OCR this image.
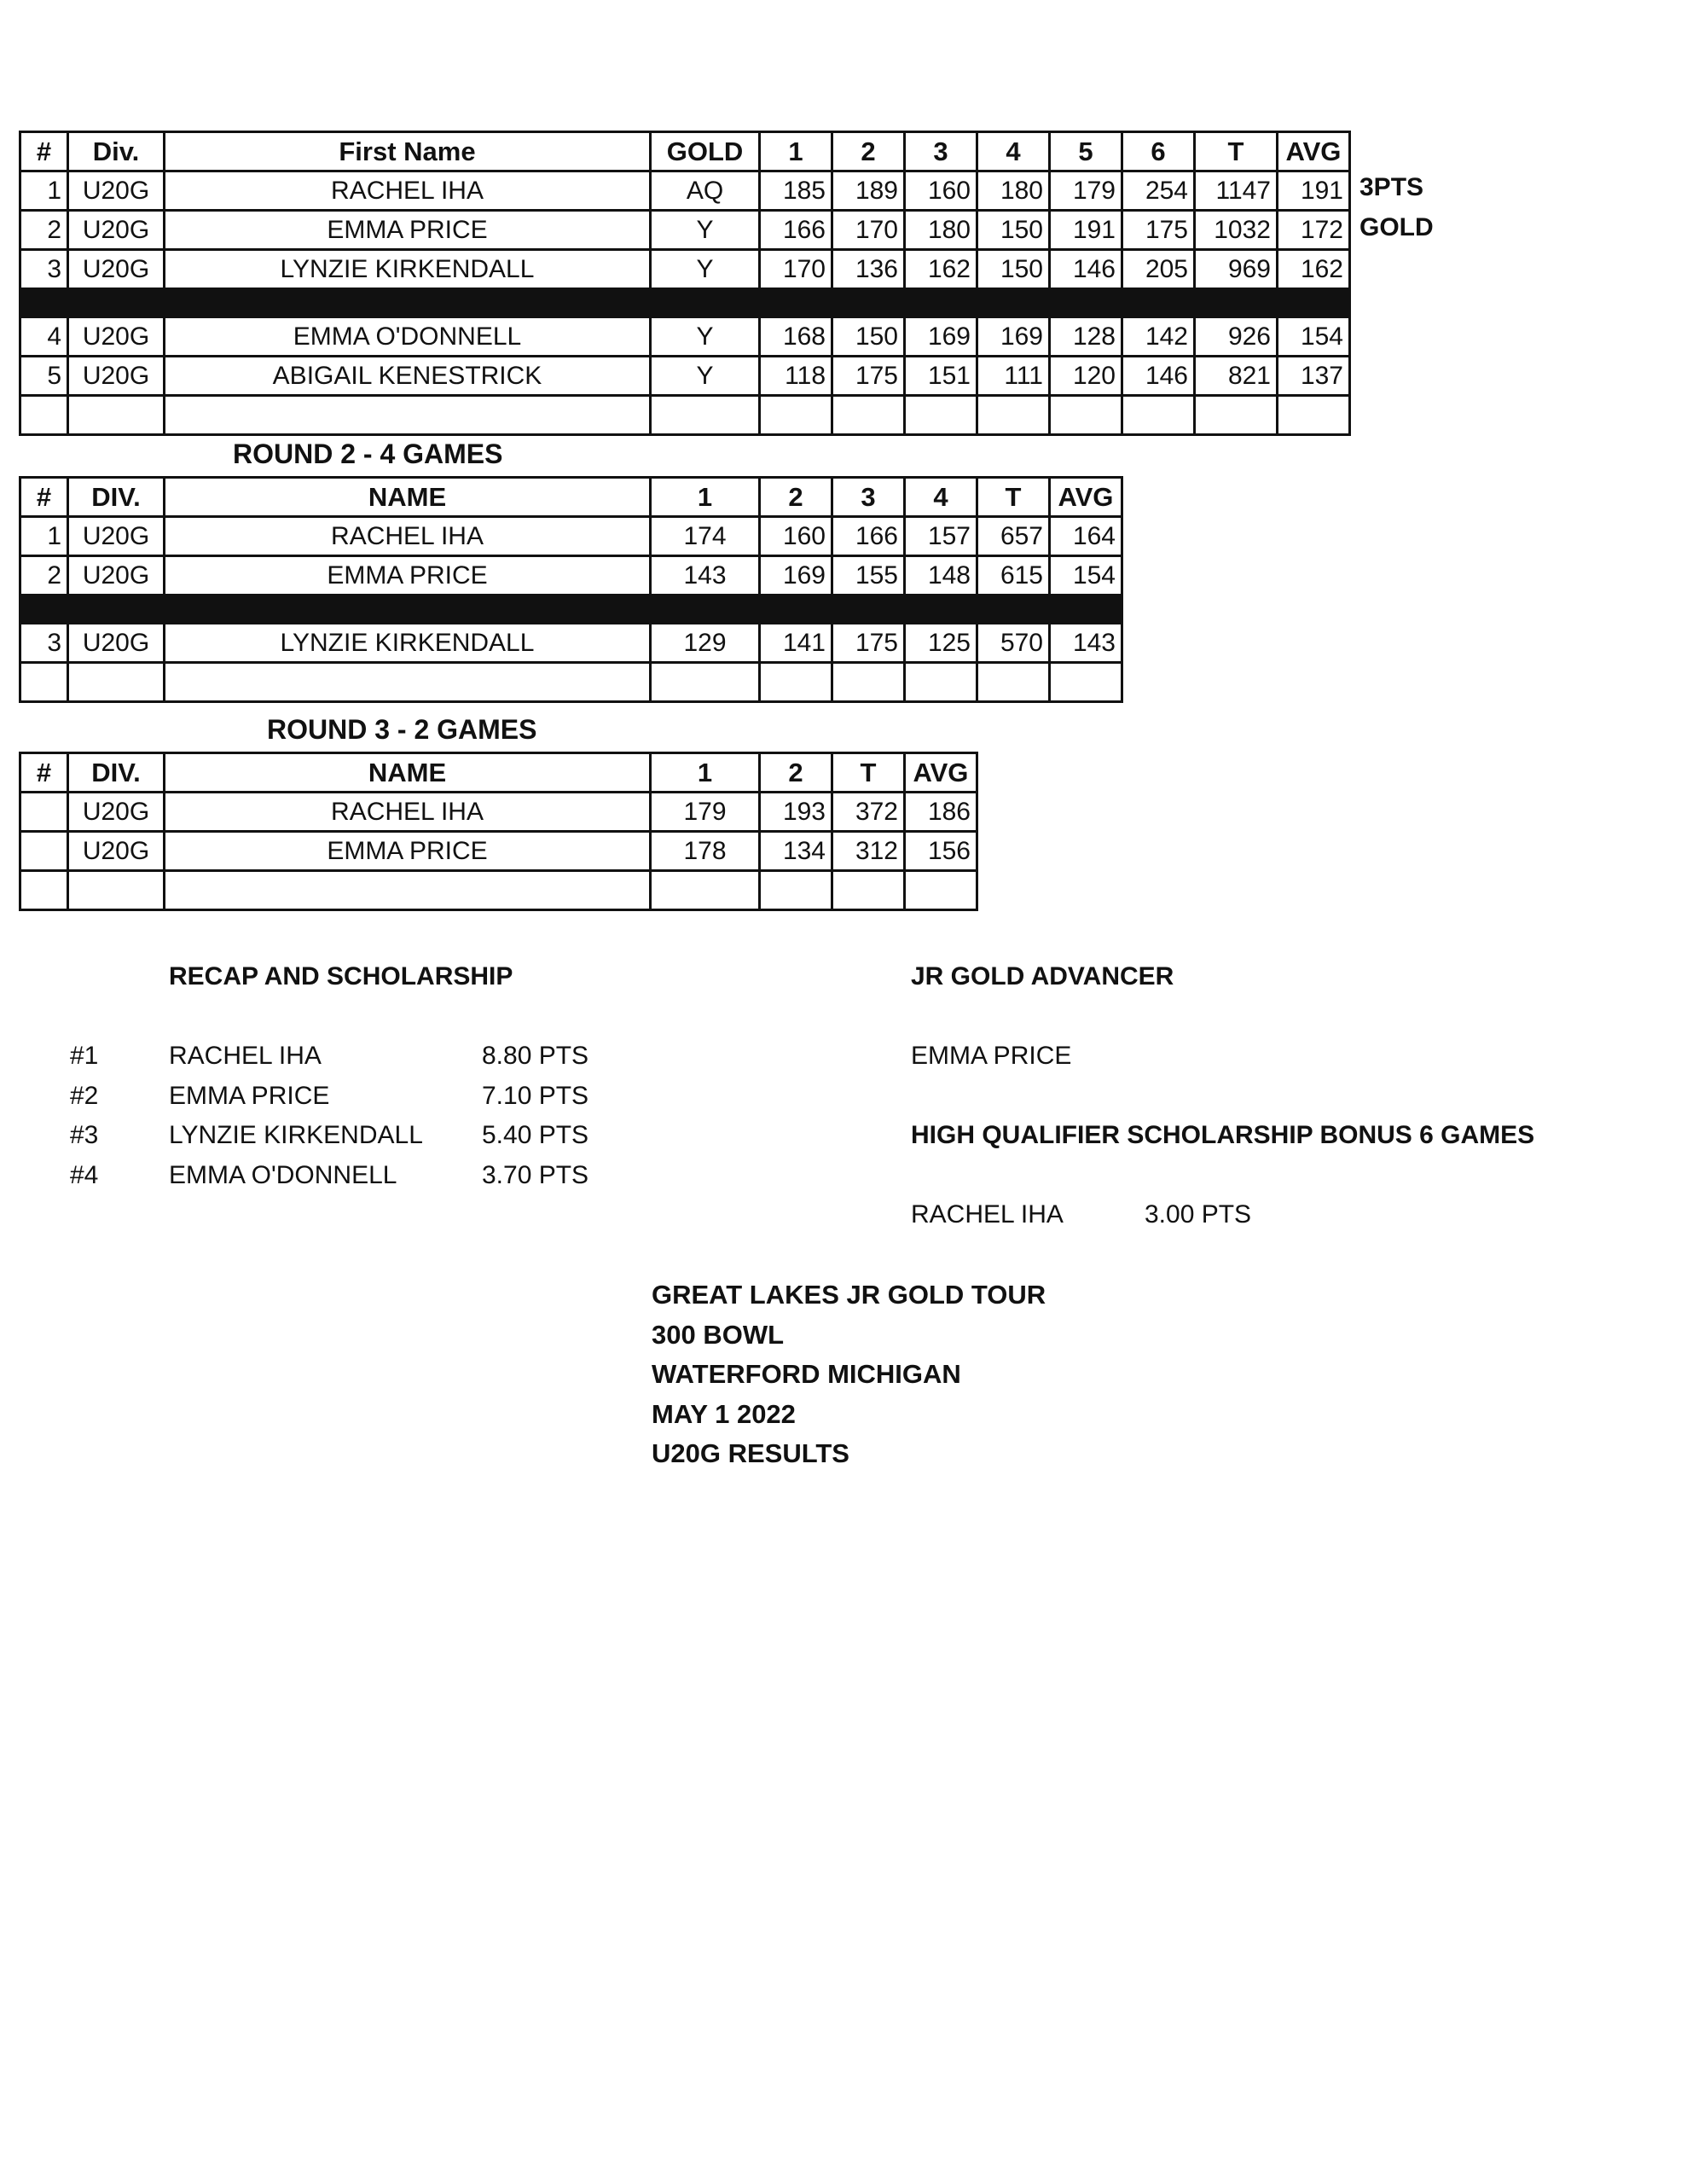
#	Div.	First Name	GOLD	1	2	3	4	5	6	T	AVG
1	U20G	RACHEL IHA	AQ	185	189	160	180	179	254	1147	191
2	U20G	EMMA PRICE	Y	166	170	180	150	191	175	1032	172
3	U20G	LYNZIE KIRKENDALL	Y	170	136	162	150	146	205	969	162

4	U20G	EMMA O'DONNELL	Y	168	150	169	169	128	142	926	154
5	U20G	ABIGAIL KENESTRICK	Y	118	175	151	111	120	146	821	137

3PTS
GOLD
ROUND 2 - 4 GAMES
#	DIV.	NAME	1	2	3	4	T	AVG
1	U20G	RACHEL IHA	174	160	166	157	657	164
2	U20G	EMMA PRICE	143	169	155	148	615	154

3	U20G	LYNZIE KIRKENDALL	129	141	175	125	570	143

ROUND 3 - 2 GAMES
#	DIV.	NAME	1	2	T	AVG
	U20G	RACHEL IHA	179	193	372	186
	U20G	EMMA PRICE	178	134	312	156

RECAP AND SCHOLARSHIP
#1	RACHEL IHA	8.80 PTS
#2	EMMA PRICE	7.10 PTS
#3	LYNZIE KIRKENDALL 5.40 PTS
#4	EMMA O'DONNELL	3.70 PTS
JR GOLD ADVANCER
EMMA PRICE
HIGH QUALIFIER SCHOLARSHIP BONUS 6 GAMES
RACHEL IHA	3.00 PTS
GREAT LAKES JR GOLD TOUR
300 BOWL
WATERFORD MICHIGAN
MAY 1 2022
U20G RESULTS
